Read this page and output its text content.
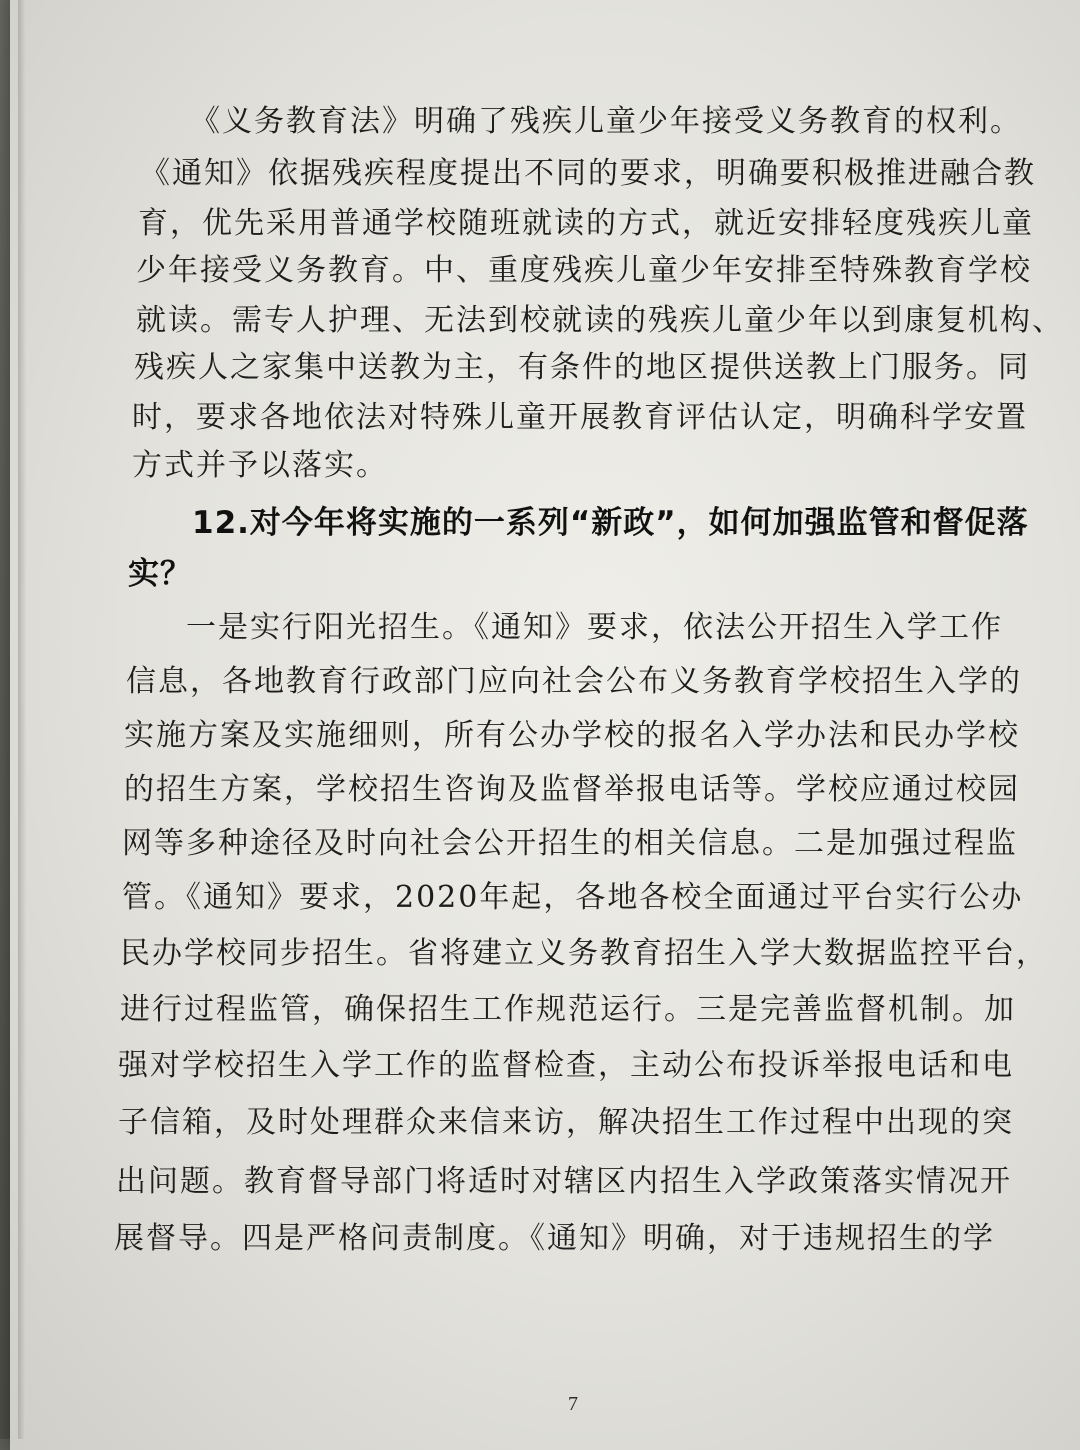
《义务教育法》明确了残疾儿童少年接受义务教育的权利。
《通知》依据残疾程度提出不同的要求，明确要积极推进融合教
育，优先采用普通学校随班就读的方式，就近安排轻度残疾儿童
少年接受义务教育。中、重度残疾儿童少年安排至特殊教育学校
就读。需专人护理、无法到校就读的残疾儿童少年以到康复机构、
残疾人之家集中送教为主，有条件的地区提供送教上门服务。同
时，要求各地依法对特殊儿童开展教育评估认定，明确科学安置
方式并予以落实。
12.对今年将实施的一系列“新政”，如何加强监管和督促落
实？
一是实行阳光招生。《通知》要求，依法公开招生入学工作
信息，各地教育行政部门应向社会公布义务教育学校招生入学的
实施方案及实施细则，所有公办学校的报名入学办法和民办学校
的招生方案，学校招生咨询及监督举报电话等。学校应通过校园
网等多种途径及时向社会公开招生的相关信息。二是加强过程监
管。《通知》要求，2020年起，各地各校全面通过平台实行公办
民办学校同步招生。省将建立义务教育招生入学大数据监控平台，
进行过程监管，确保招生工作规范运行。三是完善监督机制。加
强对学校招生入学工作的监督检查，主动公布投诉举报电话和电
子信箱，及时处理群众来信来访，解决招生工作过程中出现的突
出问题。教育督导部门将适时对辖区内招生入学政策落实情况开
展督导。四是严格问责制度。《通知》明确，对于违规招生的学
7
